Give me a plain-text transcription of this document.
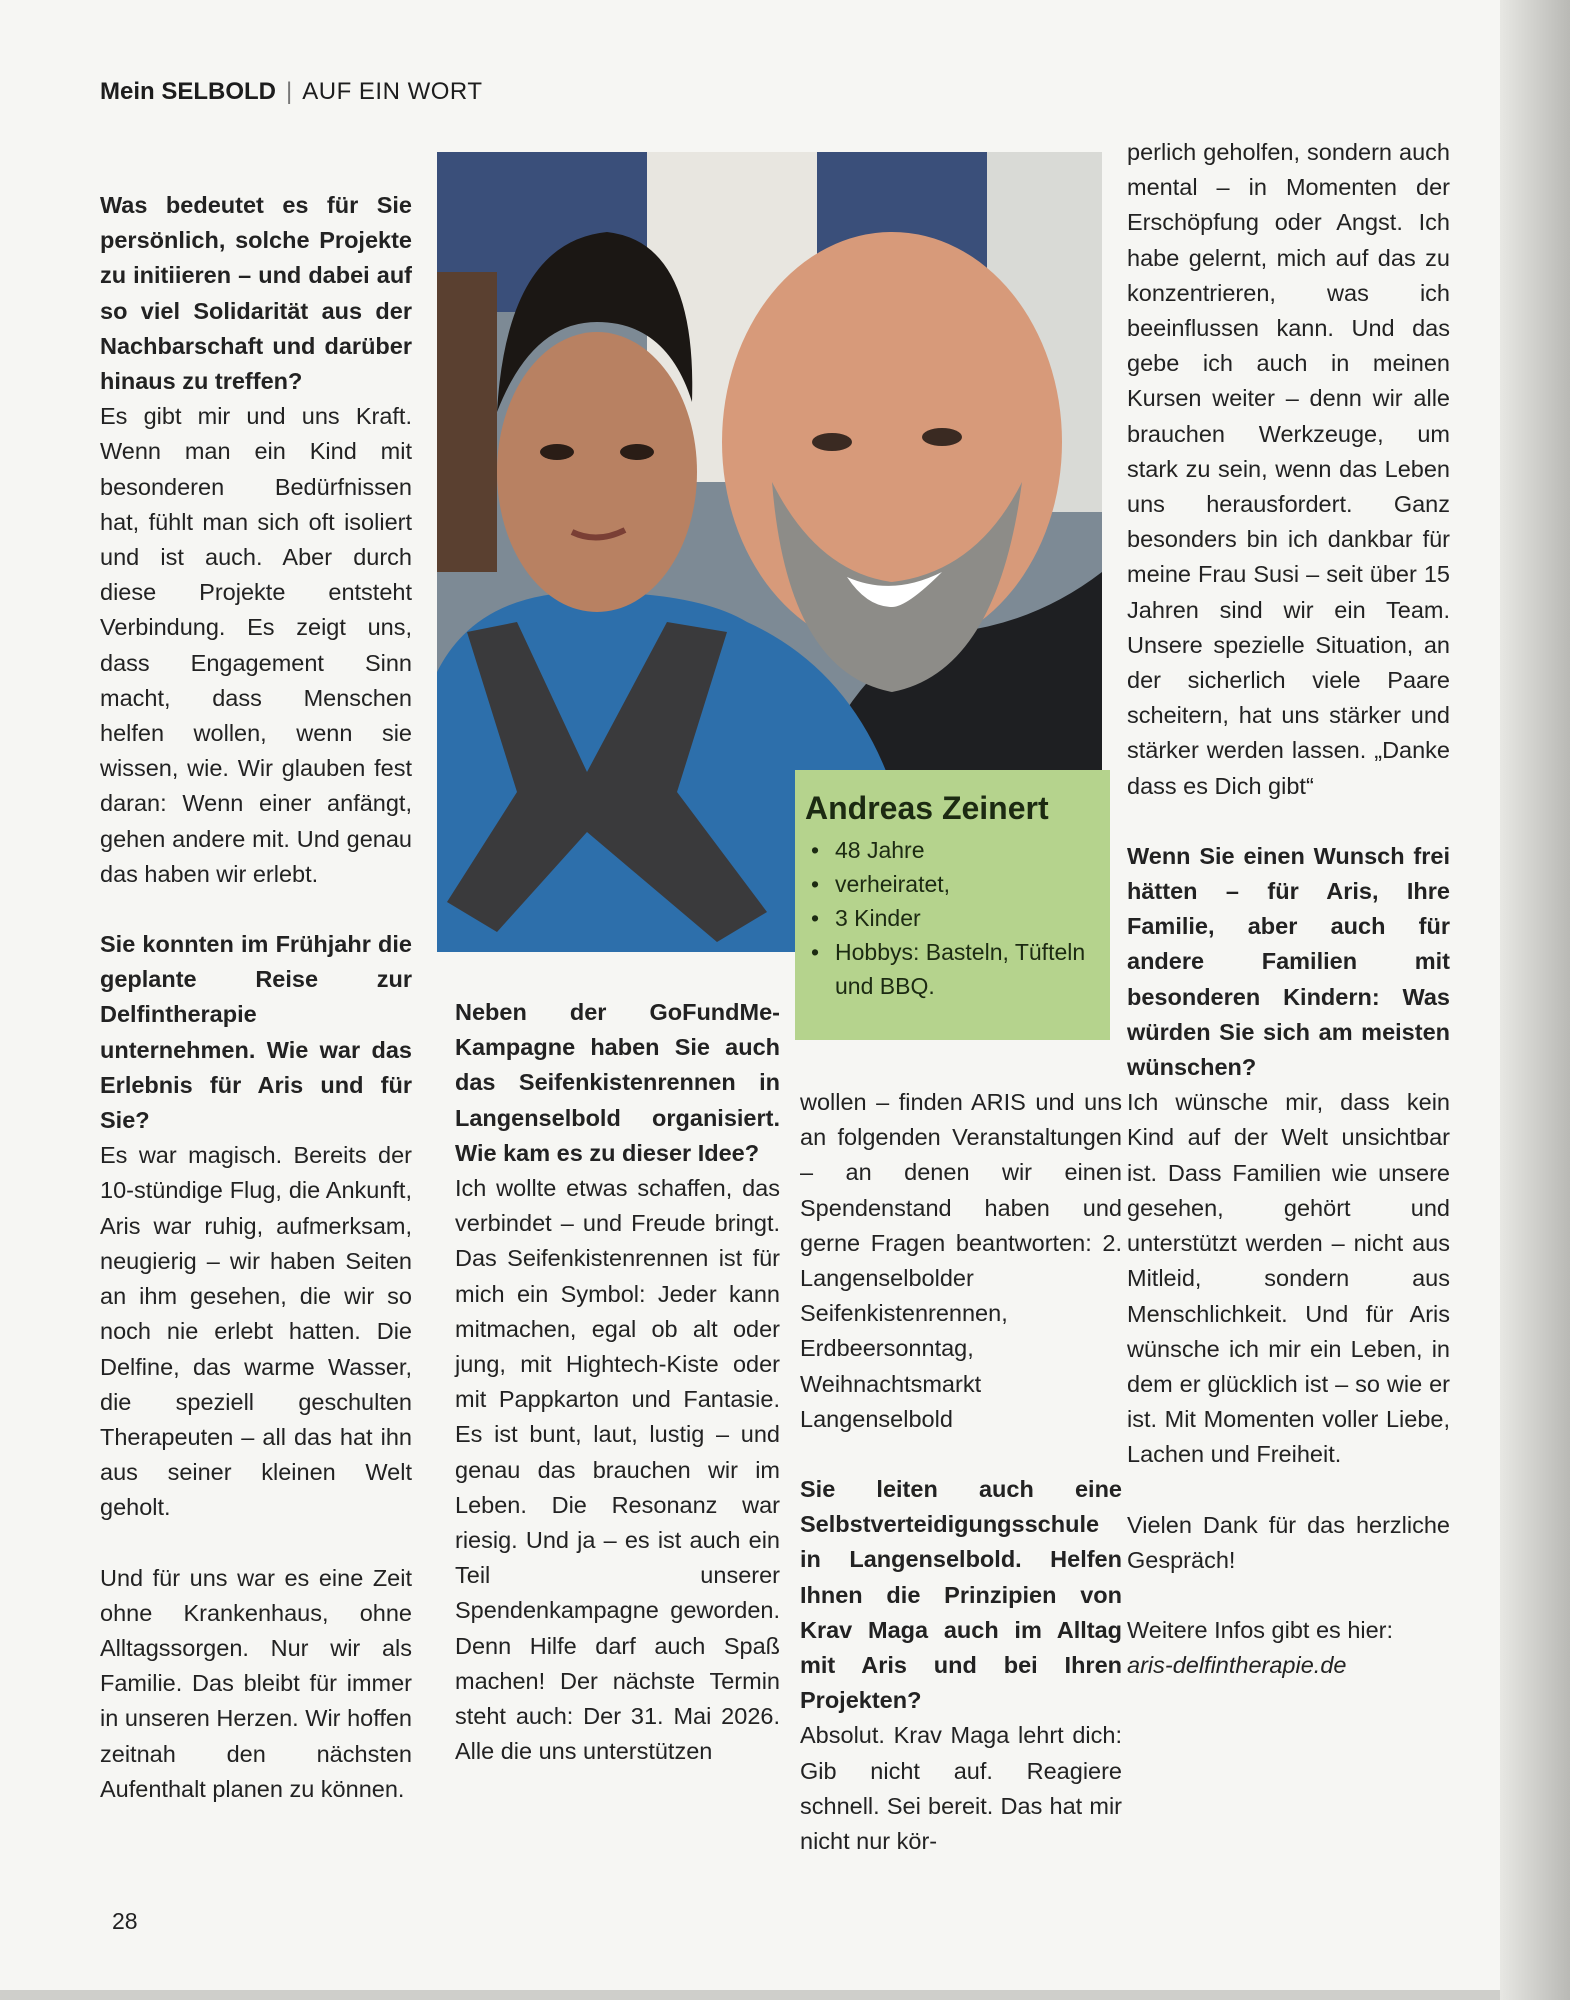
Mein SELBOLD | AUF EIN WORT

Was bedeutet es für Sie persönlich, solche Projekte zu initiieren – und dabei auf so viel Solidarität aus der Nachbarschaft und darüber hinaus zu treffen?

Es gibt mir und uns Kraft. Wenn man ein Kind mit besonderen Bedürfnissen hat, fühlt man sich oft isoliert und ist auch. Aber durch diese Projekte entsteht Verbindung. Es zeigt uns, dass Engagement Sinn macht, dass Menschen helfen wollen, wenn sie wissen, wie. Wir glauben fest daran: Wenn einer anfängt, gehen andere mit. Und genau das haben wir erlebt.

Sie konnten im Frühjahr die geplante Reise zur Delfintherapie unternehmen. Wie war das Erlebnis für Aris und für Sie?

Es war magisch. Bereits der 10-stündige Flug, die Ankunft, Aris war ruhig, aufmerksam, neugierig – wir haben Seiten an ihm gesehen, die wir so noch nie erlebt hatten. Die Delfine, das warme Wasser, die speziell geschulten Therapeuten – all das hat ihn aus seiner kleinen Welt geholt.

Und für uns war es eine Zeit ohne Krankenhaus, ohne Alltagssorgen. Nur wir als Familie. Das bleibt für immer in unseren Herzen. Wir hoffen zeitnah den nächsten Aufenthalt planen zu können.

Andreas Zeinert
• 48 Jahre
• verheiratet,
• 3 Kinder
• Hobbys: Basteln, Tüfteln und BBQ.

Neben der GoFundMe-Kampagne haben Sie auch das Seifenkistenrennen in Langenselbold organisiert. Wie kam es zu dieser Idee?

Ich wollte etwas schaffen, das verbindet – und Freude bringt. Das Seifenkistenrennen ist für mich ein Symbol: Jeder kann mitmachen, egal ob alt oder jung, mit Hightech-Kiste oder mit Pappkarton und Fantasie. Es ist bunt, laut, lustig – und genau das brauchen wir im Leben. Die Resonanz war riesig. Und ja – es ist auch ein Teil unserer Spendenkampagne geworden. Denn Hilfe darf auch Spaß machen! Der nächste Termin steht auch: Der 31. Mai 2026. Alle die uns unterstützen

wollen – finden ARIS und uns an folgenden Veranstaltungen – an denen wir einen Spendenstand haben und gerne Fragen beantworten: 2. Langenselbolder Seifenkistenrennen, Erdbeersonntag, Weihnachtsmarkt Langenselbold

Sie leiten auch eine Selbstverteidigungsschule in Langenselbold. Helfen Ihnen die Prinzipien von Krav Maga auch im Alltag mit Aris und bei Ihren Projekten?

Absolut. Krav Maga lehrt dich: Gib nicht auf. Reagiere schnell. Sei bereit. Das hat mir nicht nur kör-

perlich geholfen, sondern auch mental – in Momenten der Erschöpfung oder Angst. Ich habe gelernt, mich auf das zu konzentrieren, was ich beeinflussen kann. Und das gebe ich auch in meinen Kursen weiter – denn wir alle brauchen Werkzeuge, um stark zu sein, wenn das Leben uns herausfordert. Ganz besonders bin ich dankbar für meine Frau Susi – seit über 15 Jahren sind wir ein Team. Unsere spezielle Situation, an der sicherlich viele Paare scheitern, hat uns stärker und stärker werden lassen. „Danke dass es Dich gibt“

Wenn Sie einen Wunsch frei hätten – für Aris, Ihre Familie, aber auch für andere Familien mit besonderen Kindern: Was würden Sie sich am meisten wünschen?

Ich wünsche mir, dass kein Kind auf der Welt unsichtbar ist. Dass Familien wie unsere gesehen, gehört und unterstützt werden – nicht aus Mitleid, sondern aus Menschlichkeit. Und für Aris wünsche ich mir ein Leben, in dem er glücklich ist – so wie er ist. Mit Momenten voller Liebe, Lachen und Freiheit.

Vielen Dank für das herzliche Gespräch!

Weitere Infos gibt es hier:

aris-delfintherapie.de
28
